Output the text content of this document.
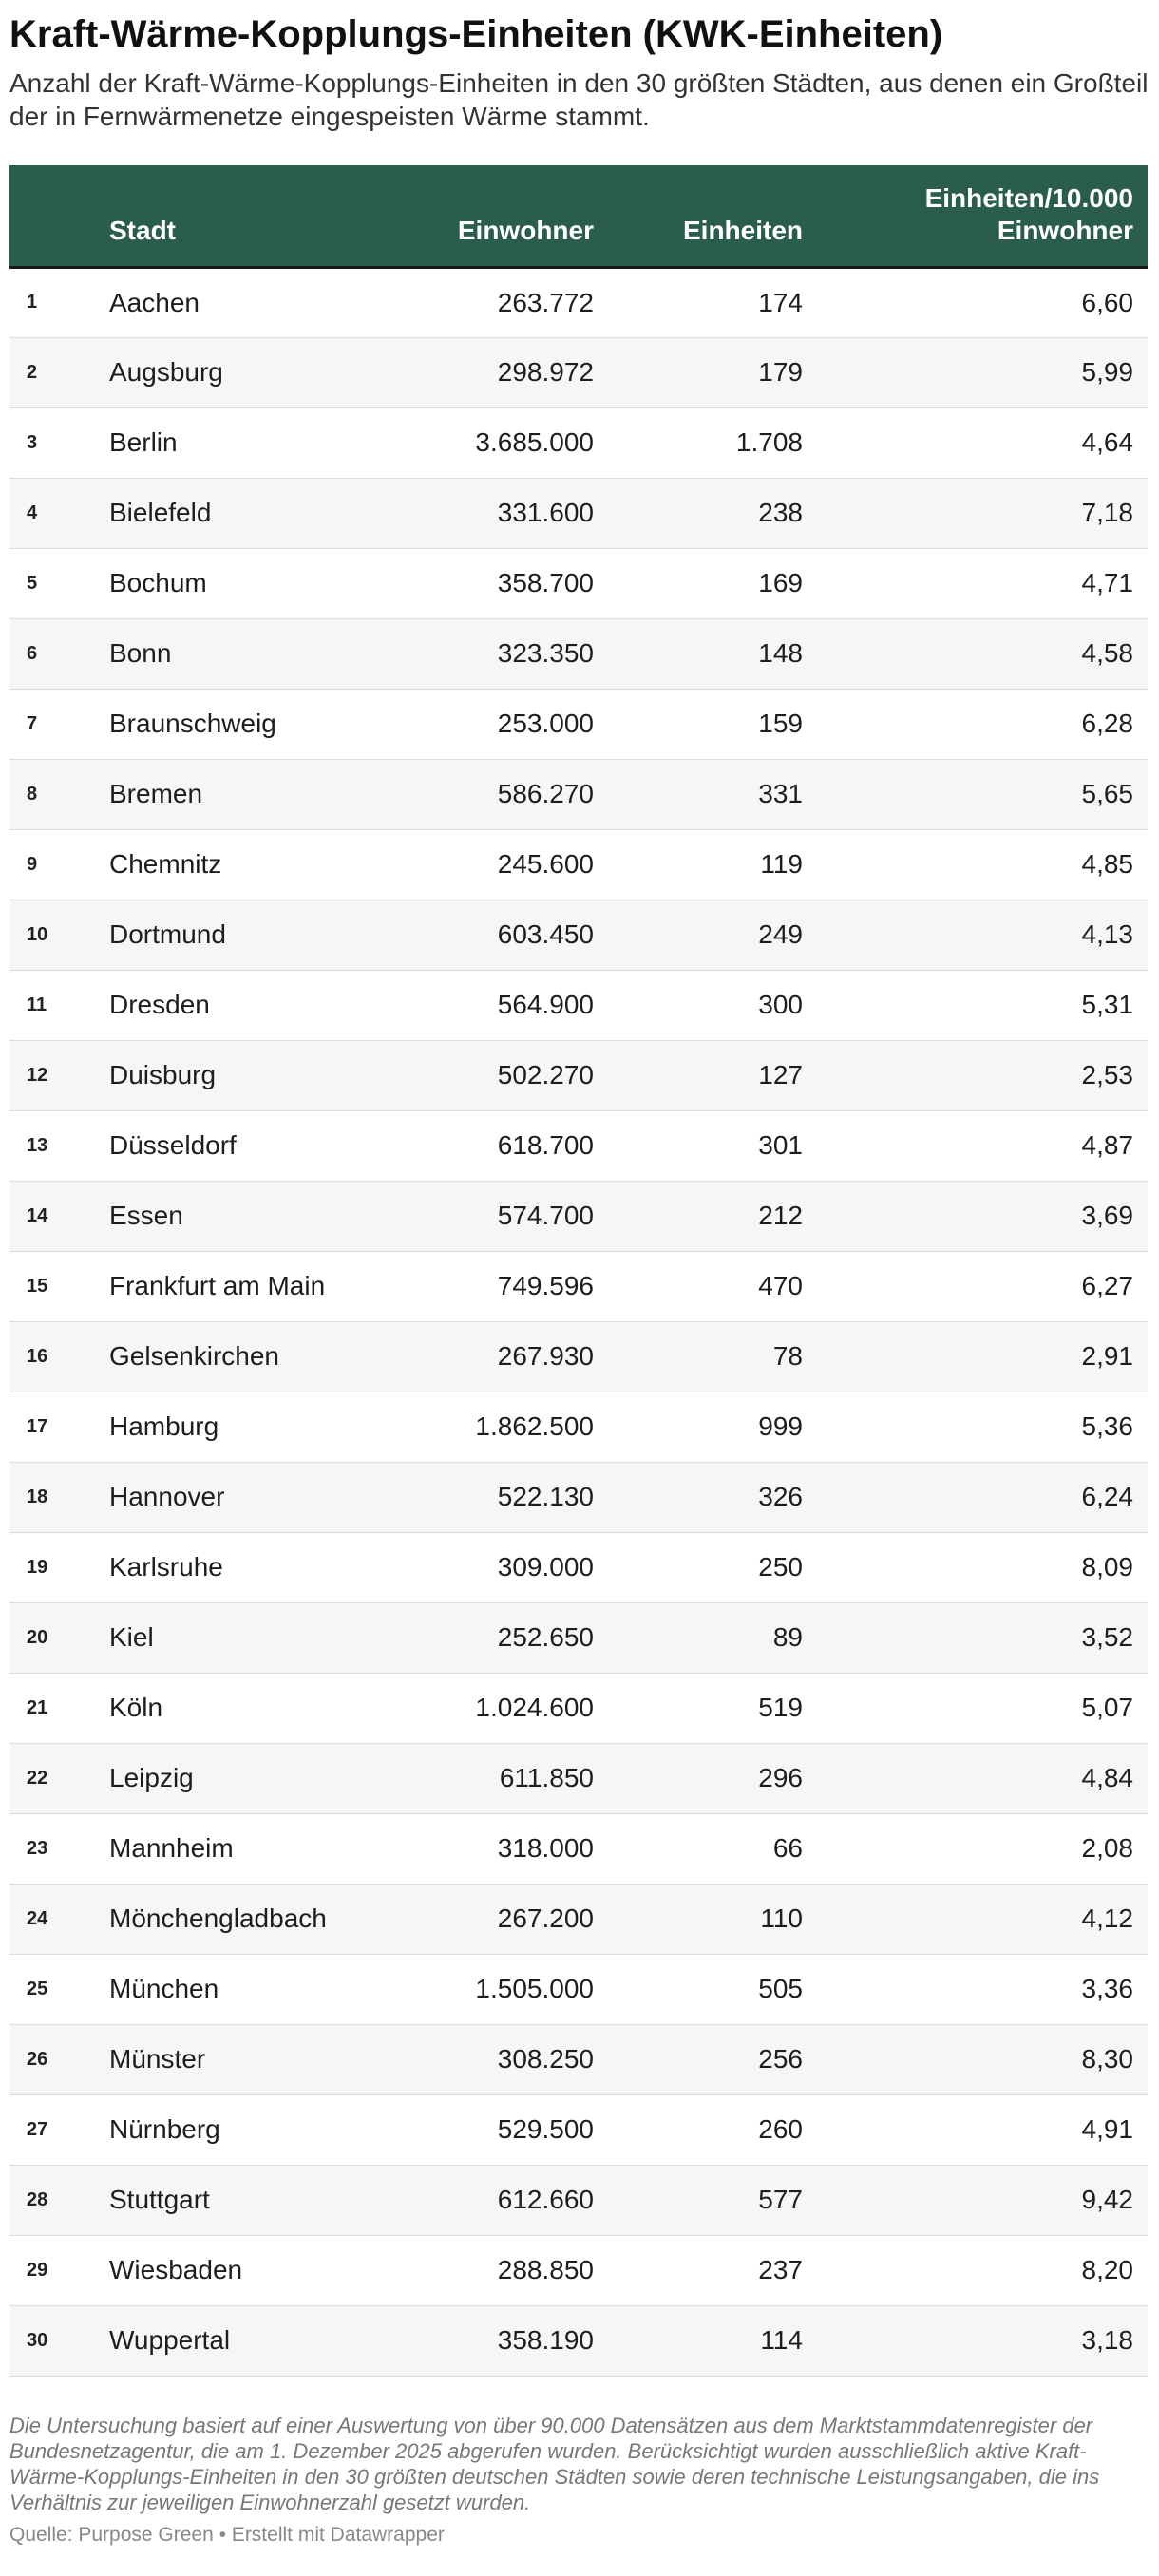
Kraft-Wärme-Kopplungs-Einheiten (KWK-Einheiten)

Anzahl der Kraft-Wärme-Kopplungs-Einheiten in den 30 größten Städten, aus denen ein Großteil der in Fernwärmenetze eingespeisten Wärme stammt.

	Stadt	Einwohner	Einheiten	Einheiten/10.000 Einwohner
1	Aachen	263.772	174	6,60
2	Augsburg	298.972	179	5,99
3	Berlin	3.685.000	1.708	4,64
4	Bielefeld	331.600	238	7,18
5	Bochum	358.700	169	4,71
6	Bonn	323.350	148	4,58
7	Braunschweig	253.000	159	6,28
8	Bremen	586.270	331	5,65
9	Chemnitz	245.600	119	4,85
10	Dortmund	603.450	249	4,13
11	Dresden	564.900	300	5,31
12	Duisburg	502.270	127	2,53
13	Düsseldorf	618.700	301	4,87
14	Essen	574.700	212	3,69
15	Frankfurt am Main	749.596	470	6,27
16	Gelsenkirchen	267.930	78	2,91
17	Hamburg	1.862.500	999	5,36
18	Hannover	522.130	326	6,24
19	Karlsruhe	309.000	250	8,09
20	Kiel	252.650	89	3,52
21	Köln	1.024.600	519	5,07
22	Leipzig	611.850	296	4,84
23	Mannheim	318.000	66	2,08
24	Mönchengladbach	267.200	110	4,12
25	München	1.505.000	505	3,36
26	Münster	308.250	256	8,30
27	Nürnberg	529.500	260	4,91
28	Stuttgart	612.660	577	9,42
29	Wiesbaden	288.850	237	8,20
30	Wuppertal	358.190	114	3,18
Die Untersuchung basiert auf einer Auswertung von über 90.000 Datensätzen aus dem Marktstammdatenregister der Bundesnetzagentur, die am 1. Dezember 2025 abgerufen wurden. Berücksichtigt wurden ausschließlich aktive Kraft-Wärme-Kopplungs-Einheiten in den 30 größten deutschen Städten sowie deren technische Leistungsangaben, die ins Verhältnis zur jeweiligen Einwohnerzahl gesetzt wurden.
Quelle: Purpose Green • Erstellt mit Datawrapper
